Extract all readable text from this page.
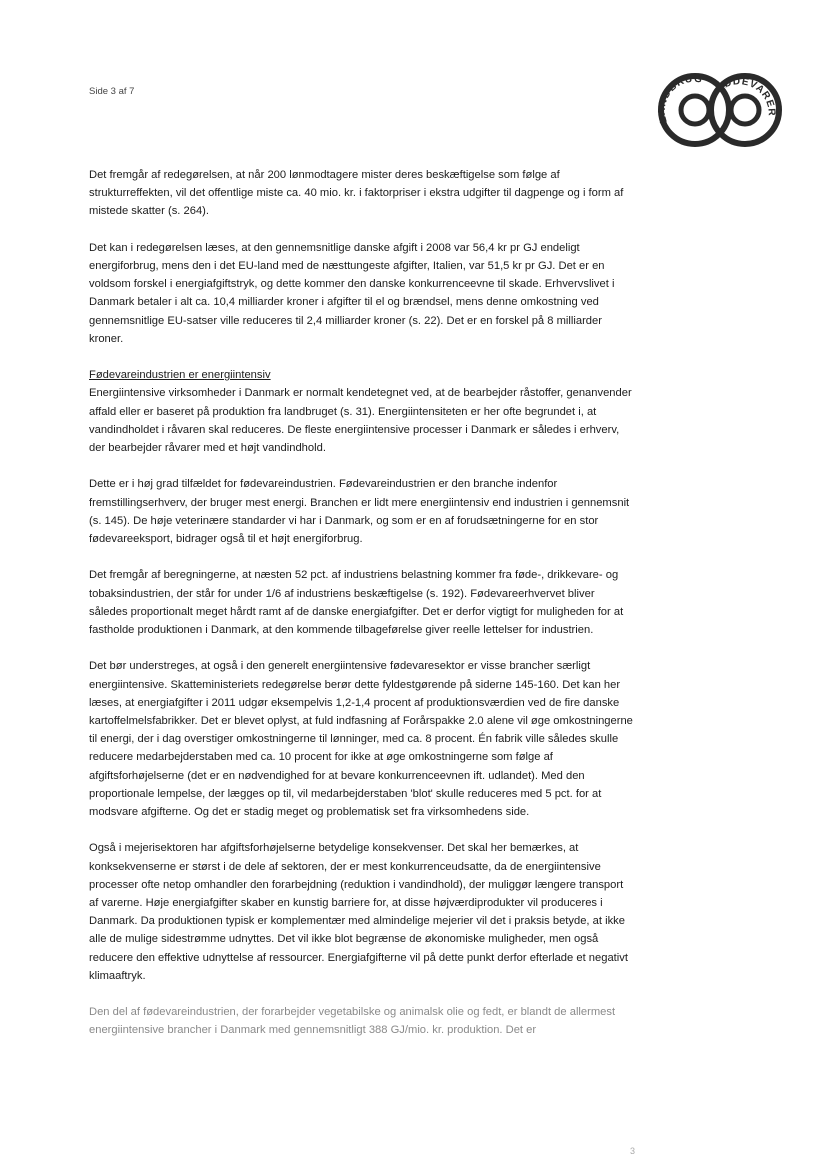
Side 3 af 7
LANDBRUG
FØDEVARER

Det fremgår af redegørelsen, at når 200 lønmodtagere mister deres beskæftigelse som følge af strukturreffekten, vil det offentlige miste ca. 40 mio. kr. i faktorpriser i ekstra udgifter til dagpenge og i form af mistede skatter (s. 264).

Det kan i redegørelsen læses, at den gennemsnitlige danske afgift i 2008 var 56,4 kr pr GJ endeligt energiforbrug, mens den i det EU-land med de næsttungeste afgifter, Italien, var 51,5 kr pr GJ. Det er en voldsom forskel i energiafgiftstryk, og dette kommer den danske konkurrenceevne til skade. Erhvervslivet i Danmark betaler i alt ca. 10,4 milliarder kroner i afgifter til el og brændsel, mens denne omkostning ved gennemsnitlige EU-satser ville reduceres til 2,4 milliarder kroner (s. 22). Det er en forskel på 8 milliarder kroner.

Fødevareindustrien er energiintensiv

Energiintensive virksomheder i Danmark er normalt kendetegnet ved, at de bearbejder råstoffer, genanvender affald eller er baseret på produktion fra landbruget (s. 31). Energiintensiteten er her ofte begrundet i, at vandindholdet i råvaren skal reduceres. De fleste energiintensive processer i Danmark er således i erhverv, der bearbejder råvarer med et højt vandindhold.

Dette er i høj grad tilfældet for fødevareindustrien. Fødevareindustrien er den branche indenfor fremstillingserhverv, der bruger mest energi. Branchen er lidt mere energiintensiv end industrien i gennemsnit (s. 145). De høje veterinære standarder vi har i Danmark, og som er en af forudsætningerne for en stor fødevareeksport, bidrager også til et højt energiforbrug.

Det fremgår af beregningerne, at næsten 52 pct. af industriens belastning kommer fra føde-, drikkevare- og tobaksindustrien, der står for under 1/6 af industriens beskæftigelse (s. 192). Fødevareerhvervet bliver således proportionalt meget hårdt ramt af de danske energiafgifter. Det er derfor vigtigt for muligheden for at fastholde produktionen i Danmark, at den kommende tilbageførelse giver reelle lettelser for industrien.

Det bør understreges, at også i den generelt energiintensive fødevaresektor er visse brancher særligt energiintensive. Skatteministeriets redegørelse berør dette fyldestgørende på siderne 145-160. Det kan her læses, at energiafgifter i 2011 udgør eksempelvis 1,2-1,4 procent af produktionsværdien ved de fire danske kartoffelmelsfabrikker. Det er blevet oplyst, at fuld indfasning af Forårspakke 2.0 alene vil øge omkostningerne til energi, der i dag overstiger omkostningerne til lønninger, med ca. 8 procent. Én fabrik ville således skulle reducere medarbejderstaben med ca. 10 procent for ikke at øge omkostningerne som følge af afgiftsforhøjelserne (det er en nødvendighed for at bevare konkurrenceevnen ift. udlandet). Med den proportionale lempelse, der lægges op til, vil medarbejderstaben 'blot' skulle reduceres med 5 pct. for at modsvare afgifterne. Og det er stadig meget og problematisk set fra virksomhedens side.

Også i mejerisektoren har afgiftsforhøjelserne betydelige konsekvenser. Det skal her bemærkes, at konksekvenserne er størst i de dele af sektoren, der er mest konkurrenceudsatte, da de energiintensive processer ofte netop omhandler den forarbejdning (reduktion i vandindhold), der muliggør længere transport af varerne. Høje energiafgifter skaber en kunstig barriere for, at disse højværdiprodukter vil produceres i Danmark. Da produktionen typisk er komplementær med almindelige mejerier vil det i praksis betyde, at ikke alle de mulige sidestrømme udnyttes. Det vil ikke blot begrænse de økonomiske muligheder, men også reducere den effektive udnyttelse af ressourcer. Energiafgifterne vil på dette punkt derfor efterlade et negativt klimaaftryk.

Den del af fødevareindustrien, der forarbejder vegetabilske og animalsk olie og fedt, er blandt de allermest energiintensive brancher i Danmark med gennemsnitligt 388 GJ/mio. kr. produktion. Det er

3
